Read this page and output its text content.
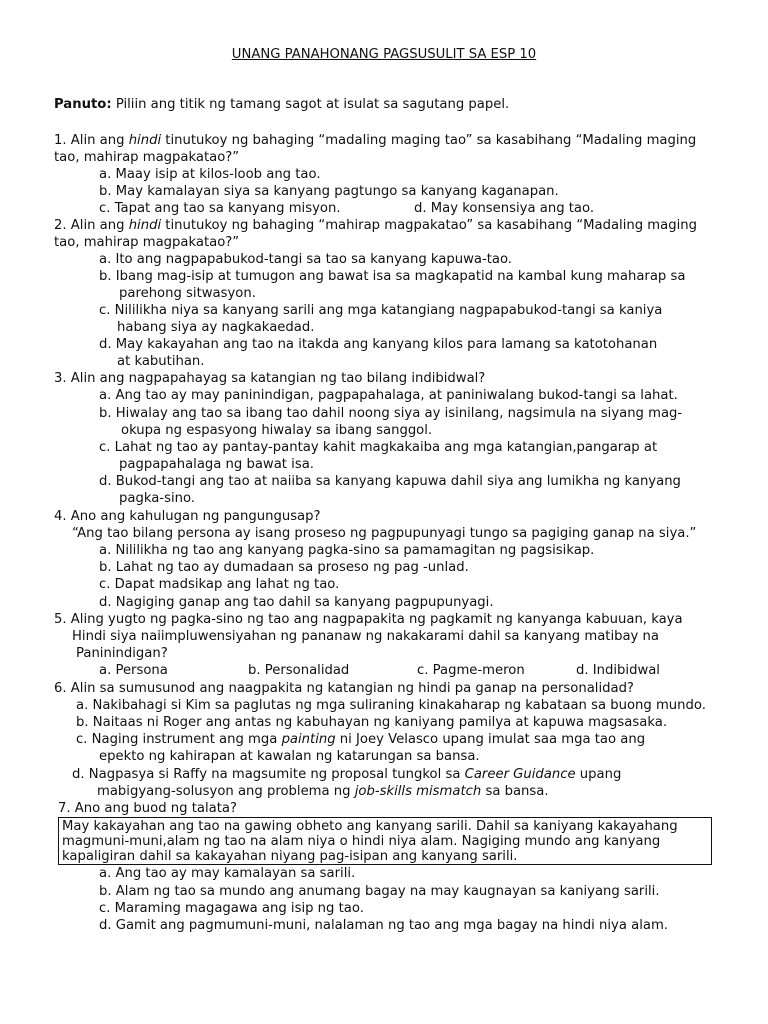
UNANG PANAHONANG PAGSUSULIT SA ESP 10
Panuto: Piliin ang titik ng tamang sagot at isulat sa sagutang papel.
1. Alin ang hindi tinutukoy ng bahaging “madaling maging tao” sa kasabihang “Madaling maging
tao, mahirap magpakatao?”
a. Maay isip at kilos-loob ang tao.
b. May kamalayan siya sa kanyang pagtungo sa kanyang kaganapan.
c. Tapat ang tao sa kanyang misyon.	d. May konsensiya ang tao.
2. Alin ang hindi tinutukoy ng bahaging “mahirap magpakatao” sa kasabihang “Madaling maging
tao, mahirap magpakatao?”
a. Ito ang nagpapabukod-tangi sa tao sa kanyang kapuwa-tao.
b. Ibang mag-isip at tumugon ang bawat isa sa magkapatid na kambal kung maharap sa
parehong sitwasyon.
c. Nililikha niya sa kanyang sarili ang mga katangiang nagpapabukod-tangi sa kaniya
habang siya ay nagkakaedad.
d. May kakayahan ang tao na itakda ang kanyang kilos para lamang sa katotohanan
at kabutihan.
3. Alin ang nagpapahayag sa katangian ng tao bilang indibidwal?
a. Ang tao ay may paninindigan, pagpapahalaga, at paniniwalang bukod-tangi sa lahat.
b. Hiwalay ang tao sa ibang tao dahil noong siya ay isinilang, nagsimula na siyang mag-
okupa ng espasyong hiwalay sa ibang sanggol.
c. Lahat ng tao ay pantay-pantay kahit magkakaiba ang mga katangian,pangarap at
pagpapahalaga ng bawat isa.
d. Bukod-tangi ang tao at naiiba sa kanyang kapuwa dahil siya ang lumikha ng kanyang
pagka-sino.
4. Ano ang kahulugan ng pangungusap?
“Ang tao bilang persona ay isang proseso ng pagpupunyagi tungo sa pagiging ganap na siya.”
a. Nililikha ng tao ang kanyang pagka-sino sa pamamagitan ng pagsisikap.
b. Lahat ng tao ay dumadaan sa proseso ng pag -unlad.
c. Dapat madsikap ang lahat ng tao.
d. Nagiging ganap ang tao dahil sa kanyang pagpupunyagi.
5. Aling yugto ng pagka-sino ng tao ang nagpapakita ng pagkamit ng kanyanga kabuuan, kaya
Hindi siya naiimpluwensiyahan ng pananaw ng nakakarami dahil sa kanyang matibay na
Paninindigan?
a. Persona	b. Personalidad	c. Pagme-meron	d. Indibidwal
6. Alin sa sumusunod ang naagpakita ng katangian ng hindi pa ganap na personalidad?
a. Nakibahagi si Kim sa paglutas ng mga suliraning kinakaharap ng kabataan sa buong mundo.
b. Naitaas ni Roger ang antas ng kabuhayan ng kaniyang pamilya at kapuwa magsasaka.
c. Naging instrument ang mga painting ni Joey Velasco upang imulat saa mga tao ang
epekto ng kahirapan at kawalan ng katarungan sa bansa.
d. Nagpasya si Raffy na magsumite ng proposal tungkol sa Career Guidance upang
mabigyang-solusyon ang problema ng job-skills mismatch sa bansa.
7. Ano ang buod ng talata?
May kakayahan ang tao na gawing obheto ang kanyang sarili. Dahil sa kaniyang kakayahang
magmuni-muni,alam ng tao na alam niya o hindi niya alam. Nagiging mundo ang kanyang
kapaligiran dahil sa kakayahan niyang pag-isipan ang kanyang sarili.
a. Ang tao ay may kamalayan sa sarili.
b. Alam ng tao sa mundo ang anumang bagay na may kaugnayan sa kaniyang sarili.
c. Maraming magagawa ang isip ng tao.
d. Gamit ang pagmumuni-muni, nalalaman ng tao ang mga bagay na hindi niya alam.
